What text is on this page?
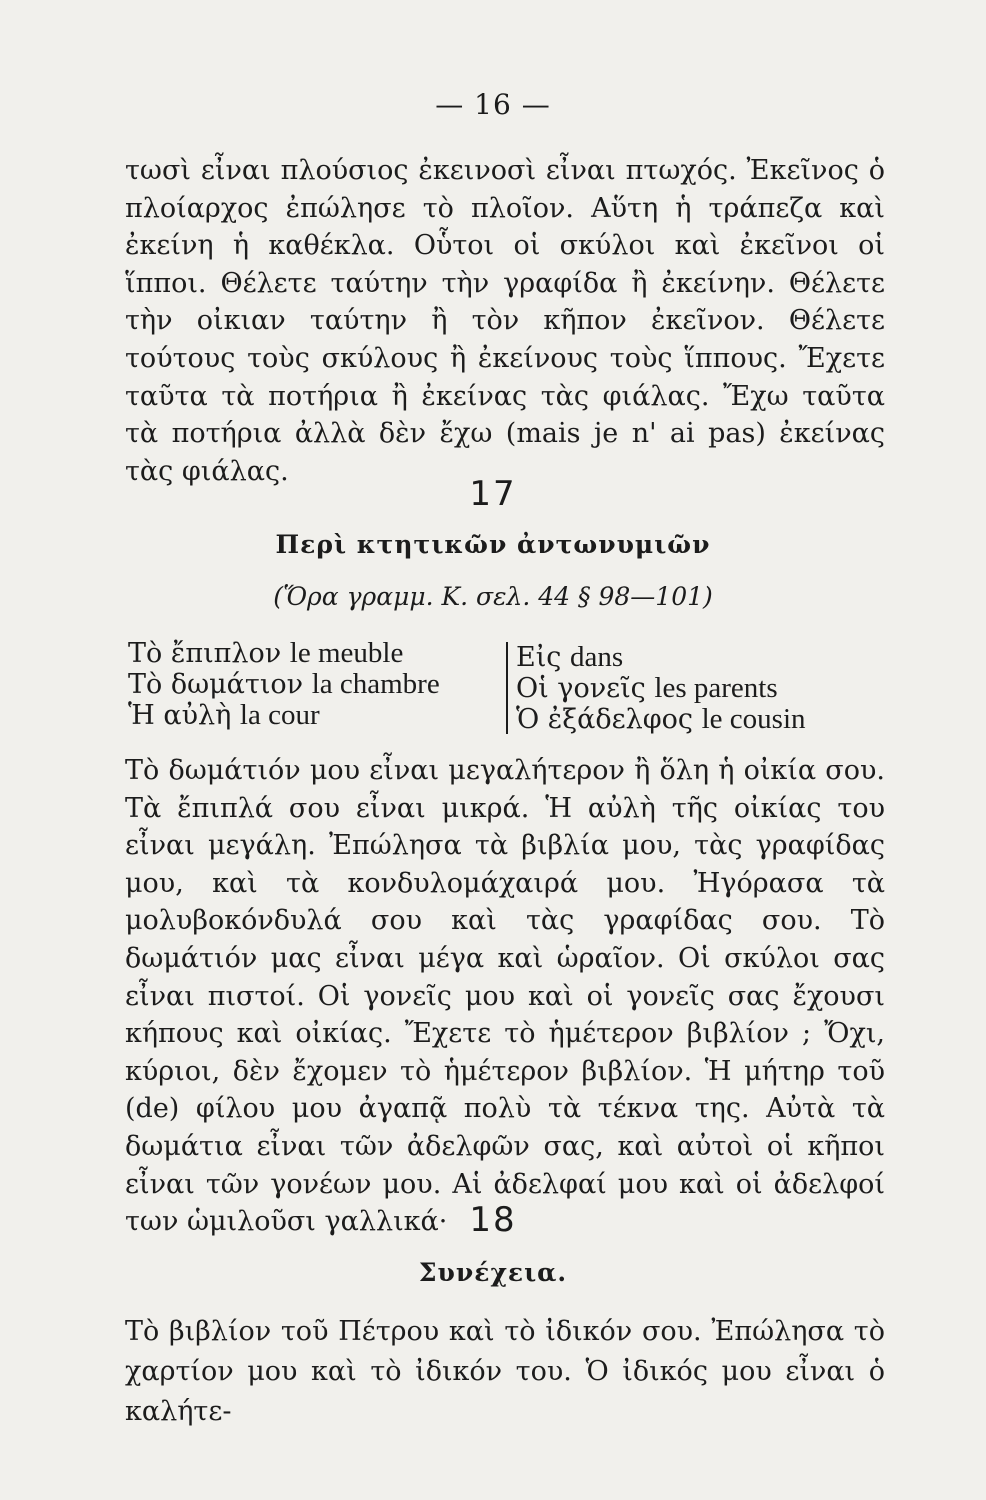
— 16 —

τωσὶ εἶναι πλούσιος ἐκεινοσὶ εἶναι πτωχός. Ἐκεῖνος ὁ πλοίαρχος ἐπώλησε τὸ πλοῖον. Αὕτη ἡ τράπεζα καὶ ἐκείνη ἡ καθέκλα. Οὗτοι οἱ σκύλοι καὶ ἐκεῖνοι οἱ ἵπποι. Θέλετε ταύτην τὴν γραφίδα ἢ ἐκείνην. Θέλετε τὴν οἰκιαν ταύτην ἢ τὸν κῆπον ἐκεῖνον. Θέλετε τούτους τοὺς σκύλους ἢ ἐκείνους τοὺς ἵππους. Ἔχετε ταῦτα τὰ ποτήρια ἢ ἐκείνας τὰς φιάλας. Ἔχω ταῦτα τὰ ποτήρια ἀλλὰ δὲν ἔχω (mais je n' ai pas) ἐκείνας τὰς φιάλας.

17
Περὶ κτητικῶν ἀντωνυμιῶν
(Ὅρα γραμμ. Κ. σελ. 44 § 98—101)
Τὸ ἔπιπλον le meuble
Τὸ δωμάτιον la chambre
Ἡ αὐλὴ la cour
Εἰς dans
Οἱ γονεῖς les parents
Ὁ ἐξάδελφος le cousin

Τὸ δωμάτιόν μου εἶναι μεγαλήτερον ἢ ὅλη ἡ οἰκία σου. Τὰ ἔπιπλά σου εἶναι μικρά. Ἡ αὐλὴ τῆς οἰκίας του εἶναι μεγάλη. Ἐπώλησα τὰ βιβλία μου, τὰς γραφίδας μου, καὶ τὰ κονδυλομάχαιρά μου. Ἠγόρασα τὰ μολυβοκόνδυλά σου καὶ τὰς γραφίδας σου. Τὸ δωμάτιόν μας εἶναι μέγα καὶ ὡραῖον. Οἱ σκύλοι σας εἶναι πιστοί. Οἱ γονεῖς μου καὶ οἱ γονεῖς σας ἔχουσι κήπους καὶ οἰκίας. Ἔχετε τὸ ἡμέτερον βιβλίον ; Ὄχι, κύριοι, δὲν ἔχομεν τὸ ἡμέτερον βιβλίον. Ἡ μήτηρ τοῦ (de) φίλου μου ἀγαπᾷ πολὺ τὰ τέκνα της. Αὐτὰ τὰ δωμάτια εἶναι τῶν ἀδελφῶν σας, καὶ αὐτοὶ οἱ κῆποι εἶναι τῶν γονέων μου. Αἱ ἀδελφαί μου καὶ οἱ ἀδελφοί των ὡμιλοῦσι γαλλικά· 18
Συνέχεια.

Τὸ βιβλίον τοῦ Πέτρου καὶ τὸ ἰδικόν σου. Ἐπώλησα τὸ χαρτίον μου καὶ τὸ ἰδικόν του. Ὁ ἰδικός μου εἶναι ὁ καλήτε-
